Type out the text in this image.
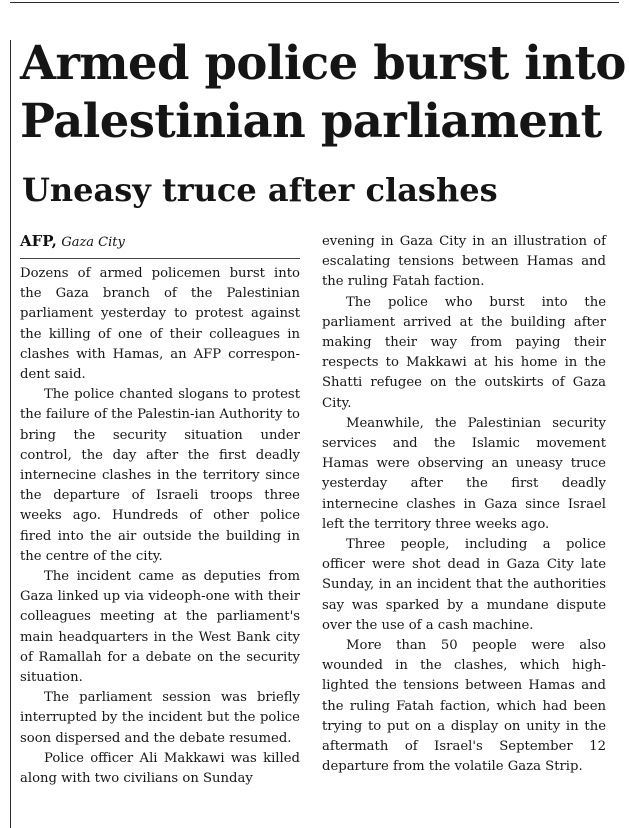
Armed police burst into
Palestinian parliament
Uneasy truce after clashes
AFP, Gaza City

Dozens of armed policemen burst into the Gaza branch of the Palestinian parliament yesterday to protest against the killing of one of their colleagues in clashes with Hamas, an AFP correspondent said.

The police chanted slogans to protest the failure of the Palestin-ian Authority to bring the security situation under control, the day after the first deadly internecine clashes in the territory since the departure of Israeli troops three weeks ago. Hundreds of other police fired into the air outside the building in the centre of the city.

The incident came as deputies from Gaza linked up via videoph-one with their colleagues meeting at the parliament's main headquarters in the West Bank city of Ramallah for a debate on the security situation.

The parliament session was briefly interrupted by the incident but the police soon dispersed and the debate resumed.

Police officer Ali Makkawi was killed along with two civilians on Sunday

evening in Gaza City in an illustration of escalating tensions between Hamas and the ruling Fatah faction.

The police who burst into the parliament arrived at the building after making their way from paying their respects to Makkawi at his home in the Shatti refugee on the outskirts of Gaza City.

Meanwhile, the Palestinian security services and the Islamic movement Hamas were observing an uneasy truce yesterday after the first deadly internecine clashes in Gaza since Israel left the territory three weeks ago.

Three people, including a police officer were shot dead in Gaza City late Sunday, in an incident that the authorities say was sparked by a mundane dispute over the use of a cash machine.

More than 50 people were also wounded in the clashes, which highlighted the tensions between Hamas and the ruling Fatah faction, which had been trying to put on a display on unity in the aftermath of Israel's September 12 departure from the volatile Gaza Strip.
